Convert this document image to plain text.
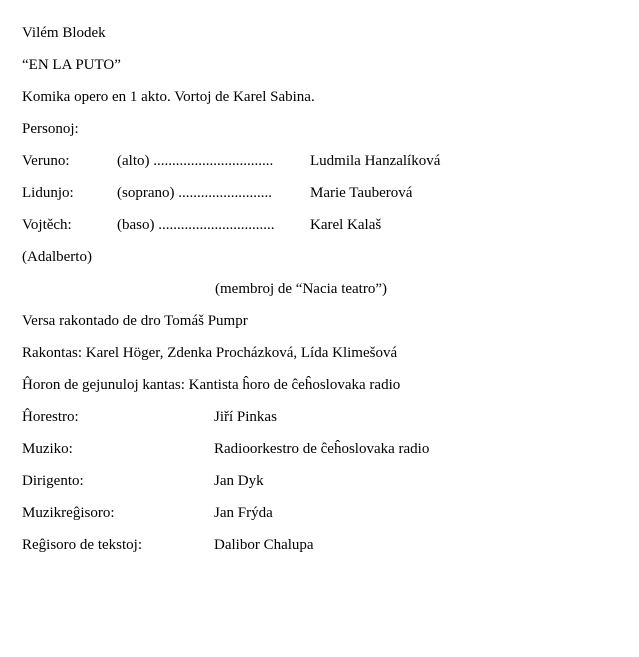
Vilém Blodek
“EN LA PUTO”
Komika opero en 1 akto. Vortoj de Karel Sabina.
Personoj:
Veruno:	(alto) ................................ Ludmila Hanzalíková
Lidunjo:	(soprano) .........................	Marie Tauberová
Vojtěch:	(baso) ............................... Karel Kalaš
(Adalberto)
(membroj de “Nacia teatro”)
Versa rakontado de dro Tomáš Pumpr
Rakontas: Karel Höger, Zdenka Procházková, Lída Klimešová
Ĥoron de gejunuloj kantas: Kantista ĥoro de ĉeĥoslovaka radio
Ĥorestro:	Jiří Pinkas
Muziko:	Radioorkestro de ĉeĥoslovaka radio
Dirigento:	Jan Dyk
Muzikreĝisoro:	Jan Frýda
Reĝisoro de tekstoj:	Dalibor Chalupa
